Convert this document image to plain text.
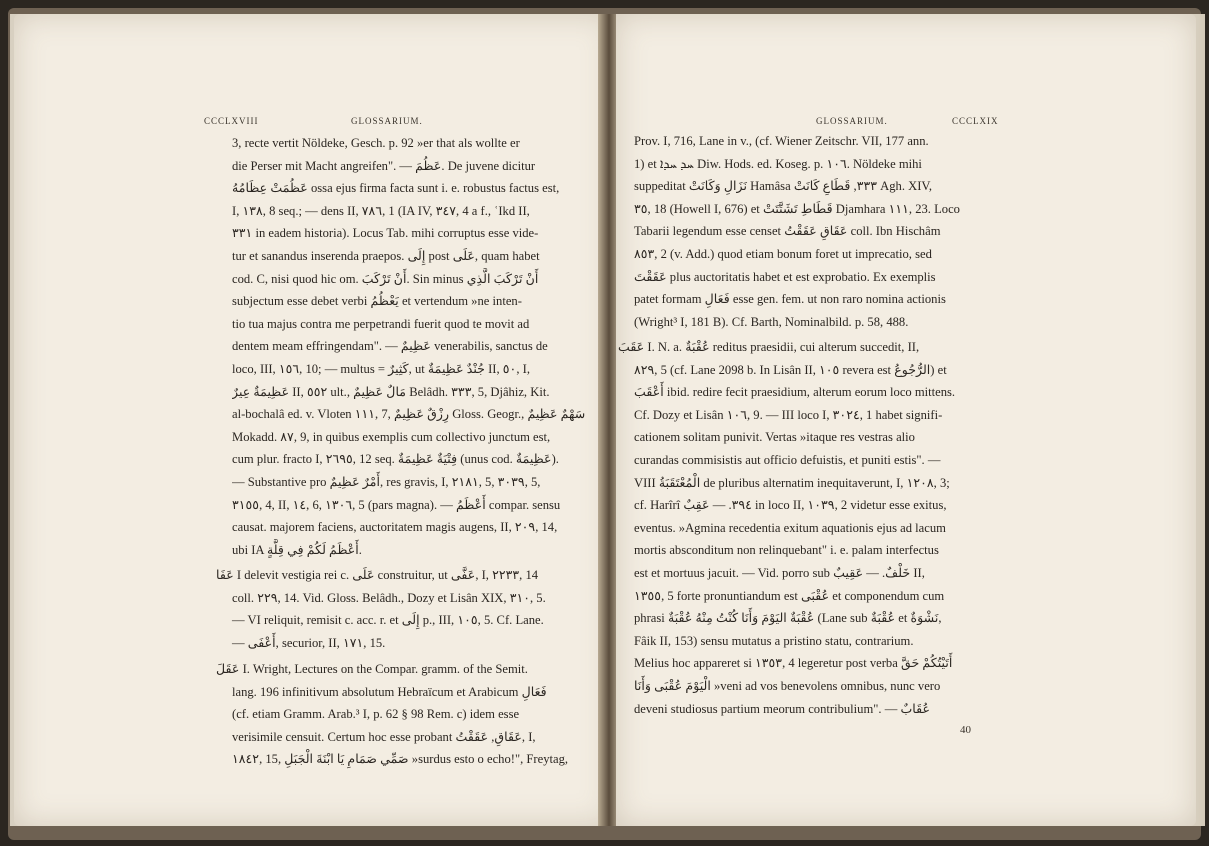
CCCLXVIII	GLOSSARIUM.
3, recte vertit Nöldeke, Gesch. p. 92 »er that als wollte er
die Perser mit Macht angreifen". — عَظُمَ. De juvene dicitur
عَظُمَتْ عِظَامُهُ ossa ejus firma facta sunt i. e. robustus factus est,
I, ١٣٨, 8 seq.; — dens II, ٧٨٦, 1 (IA IV, ٣٤٧, 4 a f., ʿIkd II,
٣٣١ in eadem historia). Locus Tab. mihi corruptus esse vide-
tur et sanandus inserenda praepos. إِلَى post عَلَى, quam habet
cod. C, nisi quod hic om. أَنْ تَرْكَبَ. Sin minus أَنْ تَرْكَبَ الَّذِي
subjectum esse debet verbi يَعْظُمُ et vertendum »ne inten-
tio tua majus contra me perpetrandi fuerit quod te movit ad
dentem meam effringendam". — عَظِيمٌ venerabilis, sanctus de
loco, III, ١٥٦, 10; — multus = كَثِيرٌ, ut جُنْدٌ عَظِيمَةٌ II, ٥٠, I,
عَظِيمَةٌ عِيرٌ II, ٥٥٢ ult., مَالٌ عَظِيمٌ Belâdh. ٣٣٣, 5, Djâhiz, Kit.
al-bochalâ ed. v. Vloten ١١١, 7, رِزْقٌ عَظِيمٌ Gloss. Geogr., سَهْمٌ عَظِيمٌ
Mokadd. ٨٧, 9, in quibus exemplis cum collectivo junctum est,
cum plur. fracto I, ٢٦٩٥, 12 seq. فِتْيَةٌ عَظِيمَةٌ (unus cod. عَظِيمَةٌ).
— Substantive pro أَمْرٌ عَظِيمٌ, res gravis, I, ٢١٨١, 5, ٣٠٣٩, 5,
٣١٥٥, 4, II, ١٤, 6, ١٣٠٦, 5 (pars magna). — أَعْظَمُ compar. sensu
causat. majorem faciens, auctoritatem magis augens, II, ٢٠٩, 14,
ubi IA أَعْظَمُ لَكُمْ فِي قِلَّةٍ.
عَفَا I delevit vestigia rei c. عَلَى construitur, ut عَفَّى, I, ٢٢٣٣, 14
coll. ٢٢٩, 14. Vid. Gloss. Belâdh., Dozy et Lisân XIX, ٣١٠, 5.
— VI reliquit, remisit c. acc. r. et إِلَى p., III, ١٠٥, 5. Cf. Lane.
— أَعْفَى, securior, II, ١٧١, 15.
عَقَلَ I. Wright, Lectures on the Compar. gramm. of the Semit.
lang. 196 infinitivum absolutum Hebraïcum et Arabicum فَعَالِ
(cf. etiam Gramm. Arab.³ I, p. 62 § 98 Rem. c) idem esse
verisimile censuit. Certum hoc esse probant عَقَاقِ, عَقَقْتُ, I,
١٨٤٢, 15, صَمِّي صَمَامِ يَا ابْنَةَ الْجَبَلِ »surdus esto o echo!", Freytag,
GLOSSARIUM.	CCCLXIX
Prov. I, 716, Lane in v., (cf. Wiener Zeitschr. VII, 177 ann.
1) et ܚܕ ܚܕܐ Diw. Hods. ed. Koseg. p. ١٠٦. Nöldeke mihi
suppeditat نَزَالِ وَكَانَتْ Hamâsa ٣٣٣, قَطَاعِ كَانَتْ Agh. XIV,
٣٥, 18 (Howell I, 676) et قَطَاطِ تَشَتَّتَتْ Djamhara ١١١, 23. Loco
Tabarii legendum esse censet عَقَاقِ عَقَقْتُ coll. Ibn Hischâm
٨٥٣, 2 (v. Add.) quod etiam bonum foret ut imprecatio, sed
عَقَقْتَ plus auctoritatis habet et est exprobatio. Ex exemplis
patet formam فَعَالِ esse gen. fem. ut non raro nomina actionis
(Wright³ I, 181 B). Cf. Barth, Nominalbild. p. 58, 488.
عَقَبَ I. N. a. عُقْبَةٌ reditus praesidii, cui alterum succedit, II,
٨٢٩, 5 (cf. Lane 2098 b. In Lisân II, ١٠٥ revera est الرُّجُوعُ) et
أَعْقَبَ ibid. redire fecit praesidium, alterum eorum loco mittens.
Cf. Dozy et Lisân ١٠٦, 9. — III loco I, ٣٠٢٤, 1 habet signifi-
cationem solitam punivit. Vertas »itaque res vestras alio
curandas commisistis aut officio defuistis, et puniti estis". —
VIII الْمُعْتَقَبَةُ de pluribus alternatim inequitaverunt, I, ١٢٠٨, 3;
cf. Harîrî ٣٩٤. — عَقِبٌ in loco II, ١٠٣٩, 2 videtur esse exitus,
eventus. »Agmina recedentia exitum aquationis ejus ad lacum
mortis absconditum non relinquebant" i. e. palam interfectus
est et mortuus jacuit. — Vid. porro sub خَلْفٌ. — عَقِيبٌ II,
١٣٥٥, 5 forte pronuntiandum est عُقْبَى et componendum cum
phrasi عُقْبَةٌ اليَوْمَ وَأَنَا كُنْتُ مِنْهُ عُقْبَةٌ (Lane sub عُقْبَةٌ et نَشْوَةٌ,
Fâik II, 153) sensu mutatus a pristino statu, contrarium.
Melius hoc appareret si ١٣٥٣, 4 legeretur post verba أَتَيْتُكُمْ حَقَّ
الْيَوْمَ عُقْبَى وَأَنَا »veni ad vos benevolens omnibus, nunc vero
deveni studiosus partium meorum contribulium". — عُقَابٌ
40
